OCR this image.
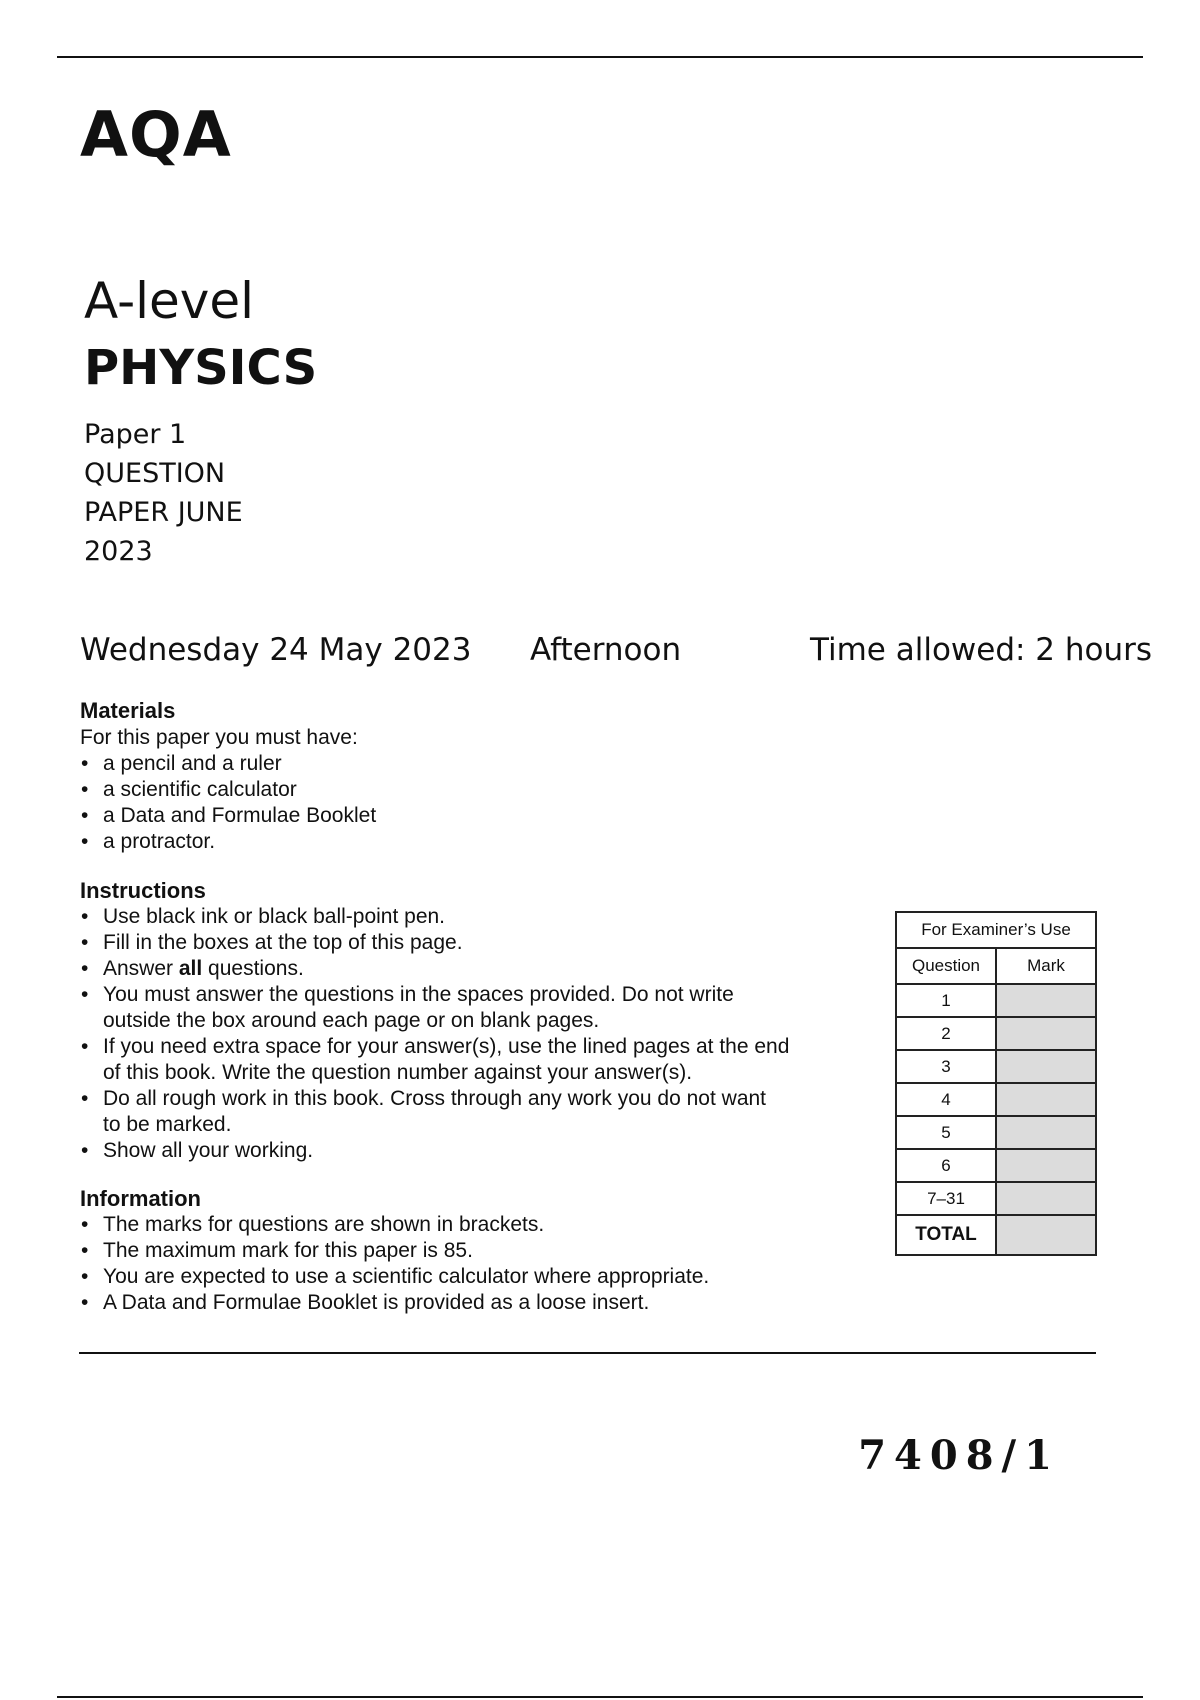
AQA
A-level
PHYSICS
Paper 1
QUESTION
PAPER JUNE
2023
Wednesday 24 May 2023 Afternoon	Time allowed: 2 hours
Materials
For this paper you must have:
• a pencil and a ruler
• a scientific calculator
• a Data and Formulae Booklet
• a protractor.
Instructions
• Use black ink or black ball-point pen.
• Fill in the boxes at the top of this page.
• Answer all questions.
• You must answer the questions in the spaces provided. Do not write
outside the box around each page or on blank pages.
• If you need extra space for your answer(s), use the lined pages at the end
of this book. Write the question number against your answer(s).
• Do all rough work in this book. Cross through any work you do not want
to be marked.
• Show all your working.
Information
• The marks for questions are shown in brackets.
• The maximum mark for this paper is 85.
• You are expected to use a scientific calculator where appropriate.
• A Data and Formulae Booklet is provided as a loose insert.
For Examiner’s Use	
Question	Mark
1	
2	
3	
4	
5	
6	
7–31	
TOTAL	
7408/1
